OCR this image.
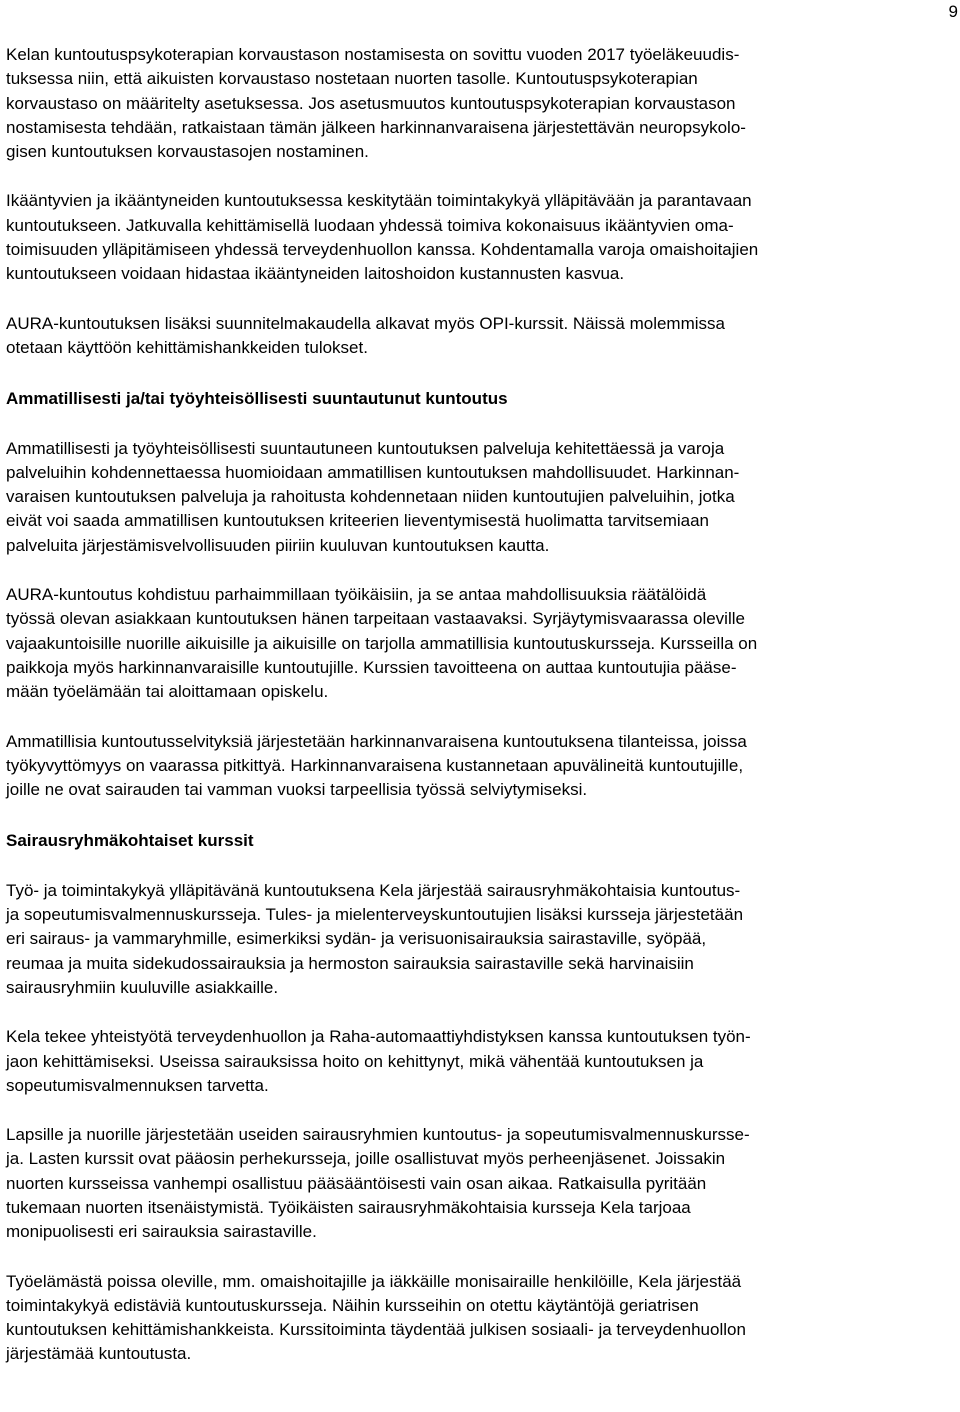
9

Kelan kuntoutuspsykoterapian korvaustason nostamisesta on sovittu vuoden 2017 työeläkeuudis-
tuksessa niin, että aikuisten korvaustaso nostetaan nuorten tasolle. Kuntoutuspsykoterapian
korvaustaso on määritelty asetuksessa. Jos asetusmuutos kuntoutuspsykoterapian korvaustason
nostamisesta tehdään, ratkaistaan tämän jälkeen harkinnanvaraisena järjestettävän neuropsykolo-
gisen kuntoutuksen korvaustasojen nostaminen.

Ikääntyvien ja ikääntyneiden kuntoutuksessa keskitytään toimintakykyä ylläpitävään ja parantavaan
kuntoutukseen. Jatkuvalla kehittämisellä luodaan yhdessä toimiva kokonaisuus ikääntyvien oma-
toimisuuden ylläpitämiseen yhdessä terveydenhuollon kanssa. Kohdentamalla varoja omaishoitajien
kuntoutukseen voidaan hidastaa ikääntyneiden laitoshoidon kustannusten kasvua.

AURA-kuntoutuksen lisäksi suunnitelmakaudella alkavat myös OPI-kurssit. Näissä molemmissa
otetaan käyttöön kehittämishankkeiden tulokset.

Ammatillisesti ja/tai työyhteisöllisesti suuntautunut kuntoutus

Ammatillisesti ja työyhteisöllisesti suuntautuneen kuntoutuksen palveluja kehitettäessä ja varoja
palveluihin kohdennettaessa huomioidaan ammatillisen kuntoutuksen mahdollisuudet. Harkinnan-
varaisen kuntoutuksen palveluja ja rahoitusta kohdennetaan niiden kuntoutujien palveluihin, jotka
eivät voi saada ammatillisen kuntoutuksen kriteerien lieventymisestä huolimatta tarvitsemiaan
palveluita järjestämisvelvollisuuden piiriin kuuluvan kuntoutuksen kautta.

AURA-kuntoutus kohdistuu parhaimmillaan työikäisiin, ja se antaa mahdollisuuksia räätälöidä
työssä olevan asiakkaan kuntoutuksen hänen tarpeitaan vastaavaksi. Syrjäytymisvaarassa oleville
vajaakuntoisille nuorille aikuisille ja aikuisille on tarjolla ammatillisia kuntoutuskursseja. Kursseilla on
paikkoja myös harkinnanvaraisille kuntoutujille. Kurssien tavoitteena on auttaa kuntoutujia pääse-
mään työelämään tai aloittamaan opiskelu.

Ammatillisia kuntoutusselvityksiä järjestetään harkinnanvaraisena kuntoutuksena tilanteissa, joissa
työkyvyttömyys on vaarassa pitkittyä. Harkinnanvaraisena kustannetaan apuvälineitä kuntoutujille,
joille ne ovat sairauden tai vamman vuoksi tarpeellisia työssä selviytymiseksi.

Sairausryhmäkohtaiset kurssit

Työ- ja toimintakykyä ylläpitävänä kuntoutuksena Kela järjestää sairausryhmäkohtaisia kuntoutus-
ja sopeutumisvalmennuskursseja. Tules- ja mielenterveyskuntoutujien lisäksi kursseja järjestetään
eri sairaus- ja vammaryhmille, esimerkiksi sydän- ja verisuonisairauksia sairastaville, syöpää,
reumaa ja muita sidekudossairauksia ja hermoston sairauksia sairastaville sekä harvinaisiin
sairausryhmiin kuuluville asiakkaille.

Kela tekee yhteistyötä terveydenhuollon ja Raha-automaattiyhdistyksen kanssa kuntoutuksen työn-
jaon kehittämiseksi. Useissa sairauksissa hoito on kehittynyt, mikä vähentää kuntoutuksen ja
sopeutumisvalmennuksen tarvetta.

Lapsille ja nuorille järjestetään useiden sairausryhmien kuntoutus- ja sopeutumisvalmennuskursse-
ja. Lasten kurssit ovat pääosin perhekursseja, joille osallistuvat myös perheenjäsenet. Joissakin
nuorten kursseissa vanhempi osallistuu pääsääntöisesti vain osan aikaa. Ratkaisulla pyritään
tukemaan nuorten itsenäistymistä. Työikäisten sairausryhmäkohtaisia kursseja Kela tarjoaa
monipuolisesti eri sairauksia sairastaville.

Työelämästä poissa oleville, mm. omaishoitajille ja iäkkäille monisairaille henkilöille, Kela järjestää
toimintakykyä edistäviä kuntoutuskursseja. Näihin kursseihin on otettu käytäntöjä geriatrisen
kuntoutuksen kehittämishankkeista. Kurssitoiminta täydentää julkisen sosiaali- ja terveydenhuollon
järjestämää kuntoutusta.
